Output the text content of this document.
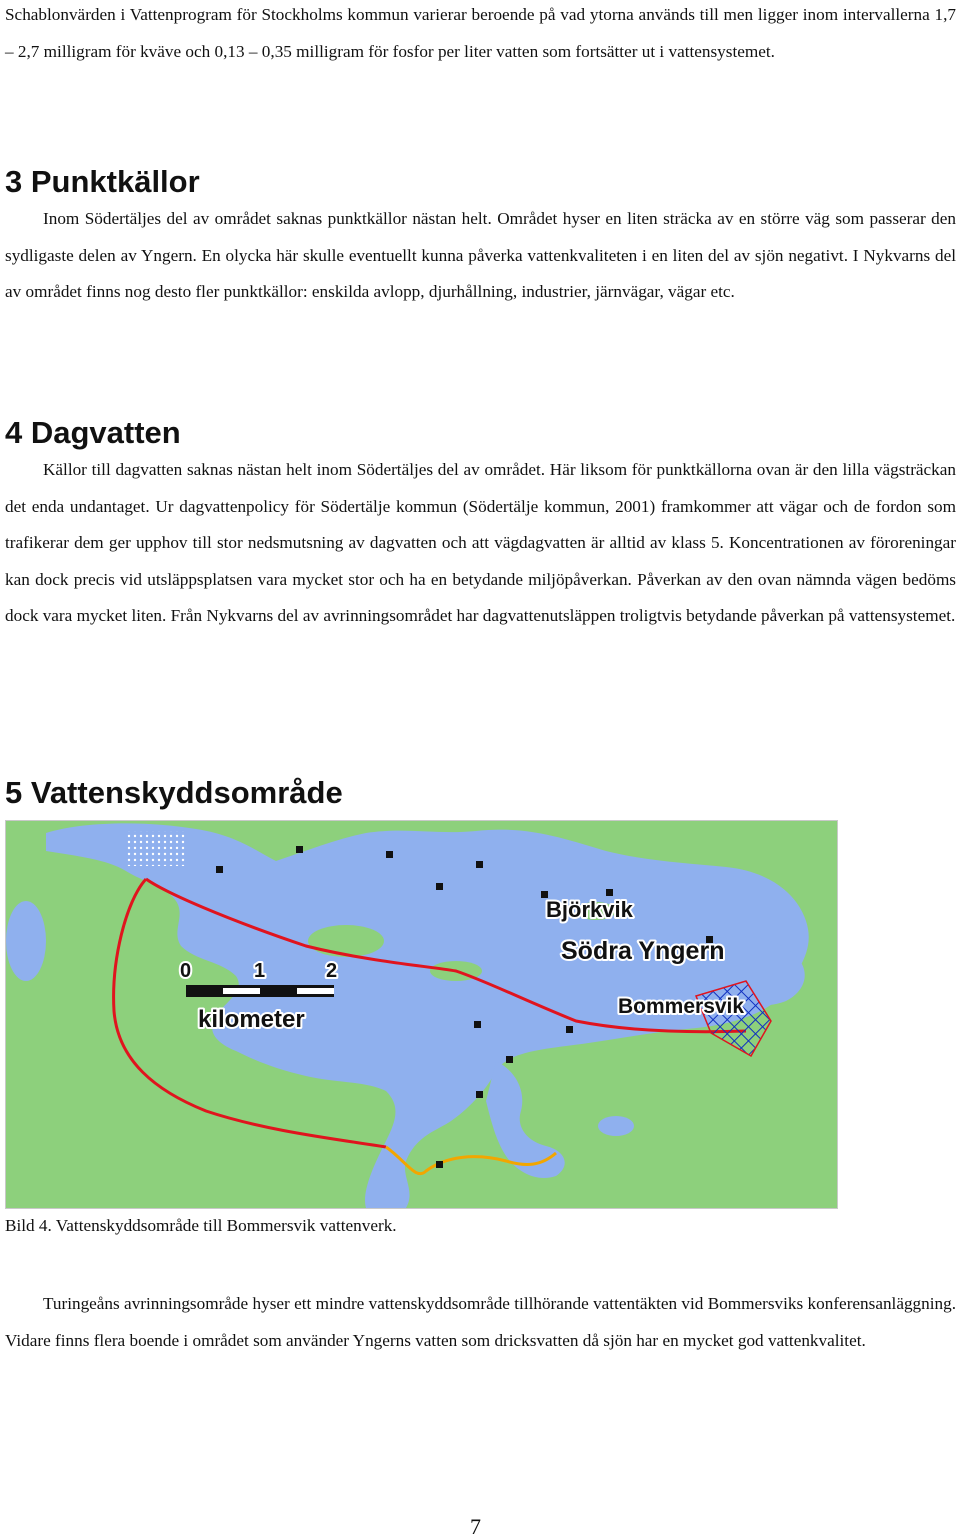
Schablonvärden i Vattenprogram för Stockholms kommun varierar beroende på vad ytorna används till men ligger inom intervallerna 1,7 – 2,7 milligram för kväve och 0,13 – 0,35 milligram för fosfor per liter vatten som fortsätter ut i vattensystemet.

3 Punktkällor

Inom Södertäljes del av området saknas punktkällor nästan helt. Området hyser en liten sträcka av en större väg som passerar den sydligaste delen av Yngern. En olycka här skulle eventuellt kunna påverka vattenkvaliteten i en liten del av sjön negativt. I Nykvarns del av området finns nog desto fler punktkällor: enskilda avlopp, djurhållning, industrier, järnvägar, vägar etc.

4 Dagvatten

Källor till dagvatten saknas nästan helt inom Södertäljes del av området. Här liksom för punktkällorna ovan är den lilla vägsträckan det enda undantaget. Ur dagvattenpolicy för Södertälje kommun (Södertälje kommun, 2001) framkommer att vägar och de fordon som trafikerar dem ger upphov till stor nedsmutsning av dagvatten och att vägdagvatten är alltid av klass 5. Koncentrationen av föroreningar kan dock precis vid utsläppsplatsen vara mycket stor och ha en betydande miljöpåverkan. Påverkan av den ovan nämnda vägen bedöms dock vara mycket liten. Från Nykvarns del av avrinningsområdet har dagvattenutsläppen troligtvis betydande påverkan på vattensystemet.

5 Vattenskyddsområde
0	1	2
kilometer
Björkvik
Södra Yngern
Bommersvik

Bild 4. Vattenskyddsområde till Bommersvik vattenverk.

Turingeåns avrinningsområde hyser ett mindre vattenskyddsområde tillhörande vattentäkten vid Bommersviks konferensanläggning. Vidare finns flera boende i området som använder Yngerns vatten som dricksvatten då sjön har en mycket god vattenkvalitet.

7
